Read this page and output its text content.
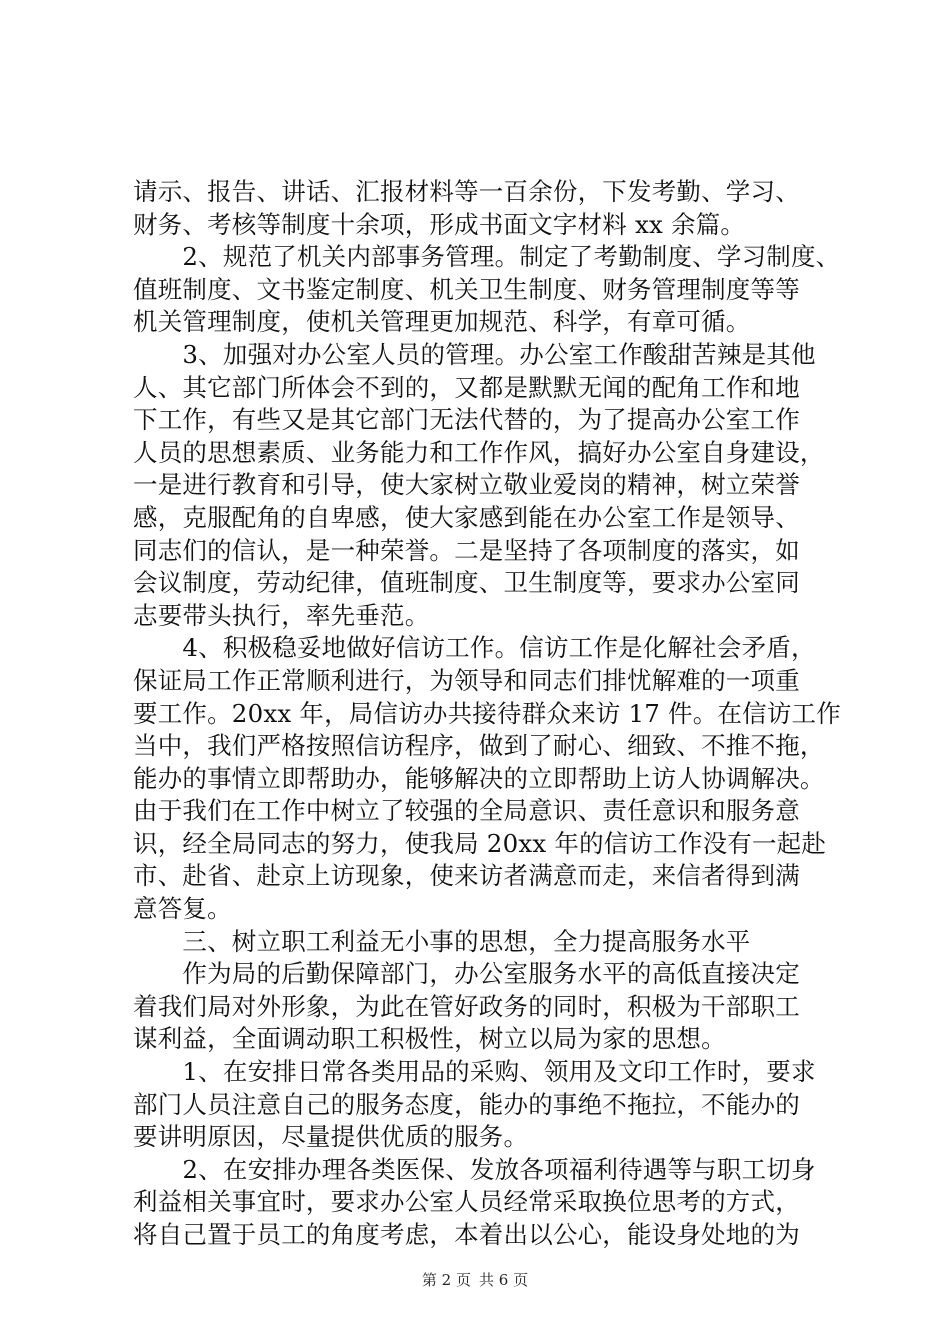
请示、报告、讲话、汇报材料等一百余份，下发考勤、学习、
财务、考核等制度十余项，形成书面文字材料 xx 余篇。
　　2、规范了机关内部事务管理。制定了考勤制度、学习制度、
值班制度、文书鉴定制度、机关卫生制度、财务管理制度等等
机关管理制度，使机关管理更加规范、科学，有章可循。
　　3、加强对办公室人员的管理。办公室工作酸甜苦辣是其他
人、其它部门所体会不到的，又都是默默无闻的配角工作和地
下工作，有些又是其它部门无法代替的，为了提高办公室工作
人员的思想素质、业务能力和工作作风，搞好办公室自身建设，
一是进行教育和引导，使大家树立敬业爱岗的精神，树立荣誉
感，克服配角的自卑感，使大家感到能在办公室工作是领导、
同志们的信认，是一种荣誉。二是坚持了各项制度的落实，如
会议制度，劳动纪律，值班制度、卫生制度等，要求办公室同
志要带头执行，率先垂范。
　　4、积极稳妥地做好信访工作。信访工作是化解社会矛盾，
保证局工作正常顺利进行，为领导和同志们排忧解难的一项重
要工作。20xx 年，局信访办共接待群众来访 17 件。在信访工作
当中，我们严格按照信访程序，做到了耐心、细致、不推不拖，
能办的事情立即帮助办，能够解决的立即帮助上访人协调解决。
由于我们在工作中树立了较强的全局意识、责任意识和服务意
识，经全局同志的努力，使我局 20xx 年的信访工作没有一起赴
市、赴省、赴京上访现象，使来访者满意而走，来信者得到满
意答复。
　　三、树立职工利益无小事的思想，全力提高服务水平
　　作为局的后勤保障部门，办公室服务水平的高低直接决定
着我们局对外形象，为此在管好政务的同时，积极为干部职工
谋利益，全面调动职工积极性，树立以局为家的思想。
　　1、在安排日常各类用品的采购、领用及文印工作时，要求
部门人员注意自己的服务态度，能办的事绝不拖拉，不能办的
要讲明原因，尽量提供优质的服务。
　　2、在安排办理各类医保、发放各项福利待遇等与职工切身
利益相关事宜时，要求办公室人员经常采取换位思考的方式，
将自己置于员工的角度考虑，本着出以公心，能设身处地的为
第 2 页 共 6 页
